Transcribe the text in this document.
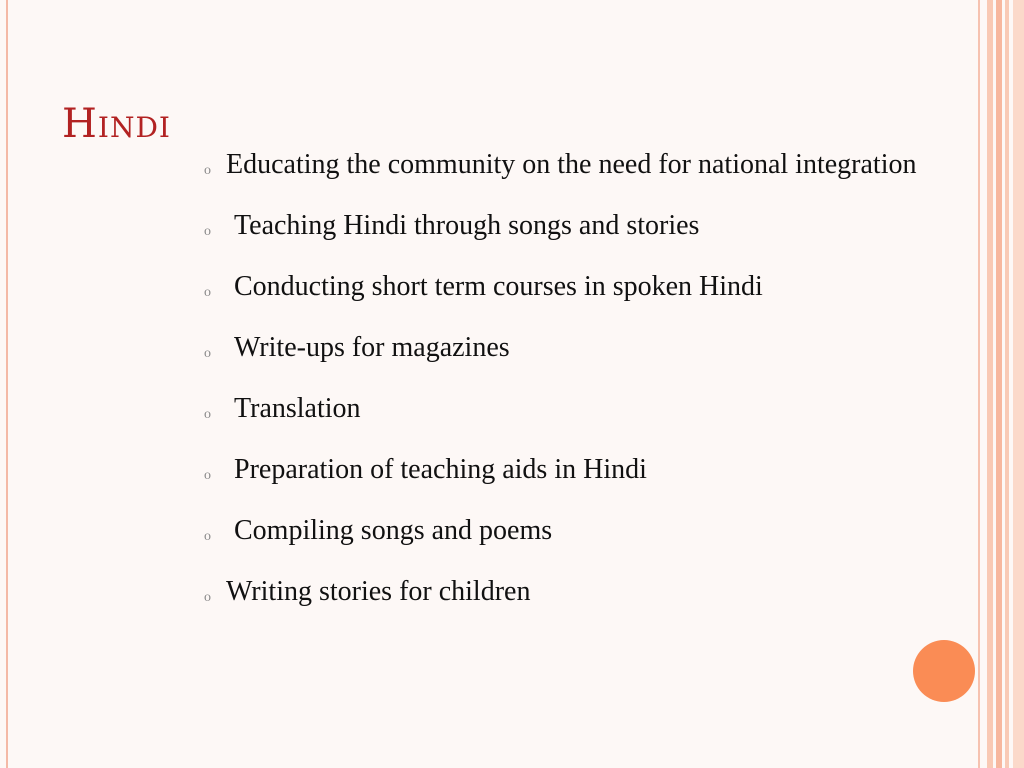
Hindi
o Educating the community on the need for national integration
o Teaching Hindi through songs and stories
o Conducting short term courses in spoken Hindi
o Write-ups for magazines
o Translation
o Preparation of teaching aids in Hindi
o Compiling songs and poems
o Writing stories for children
